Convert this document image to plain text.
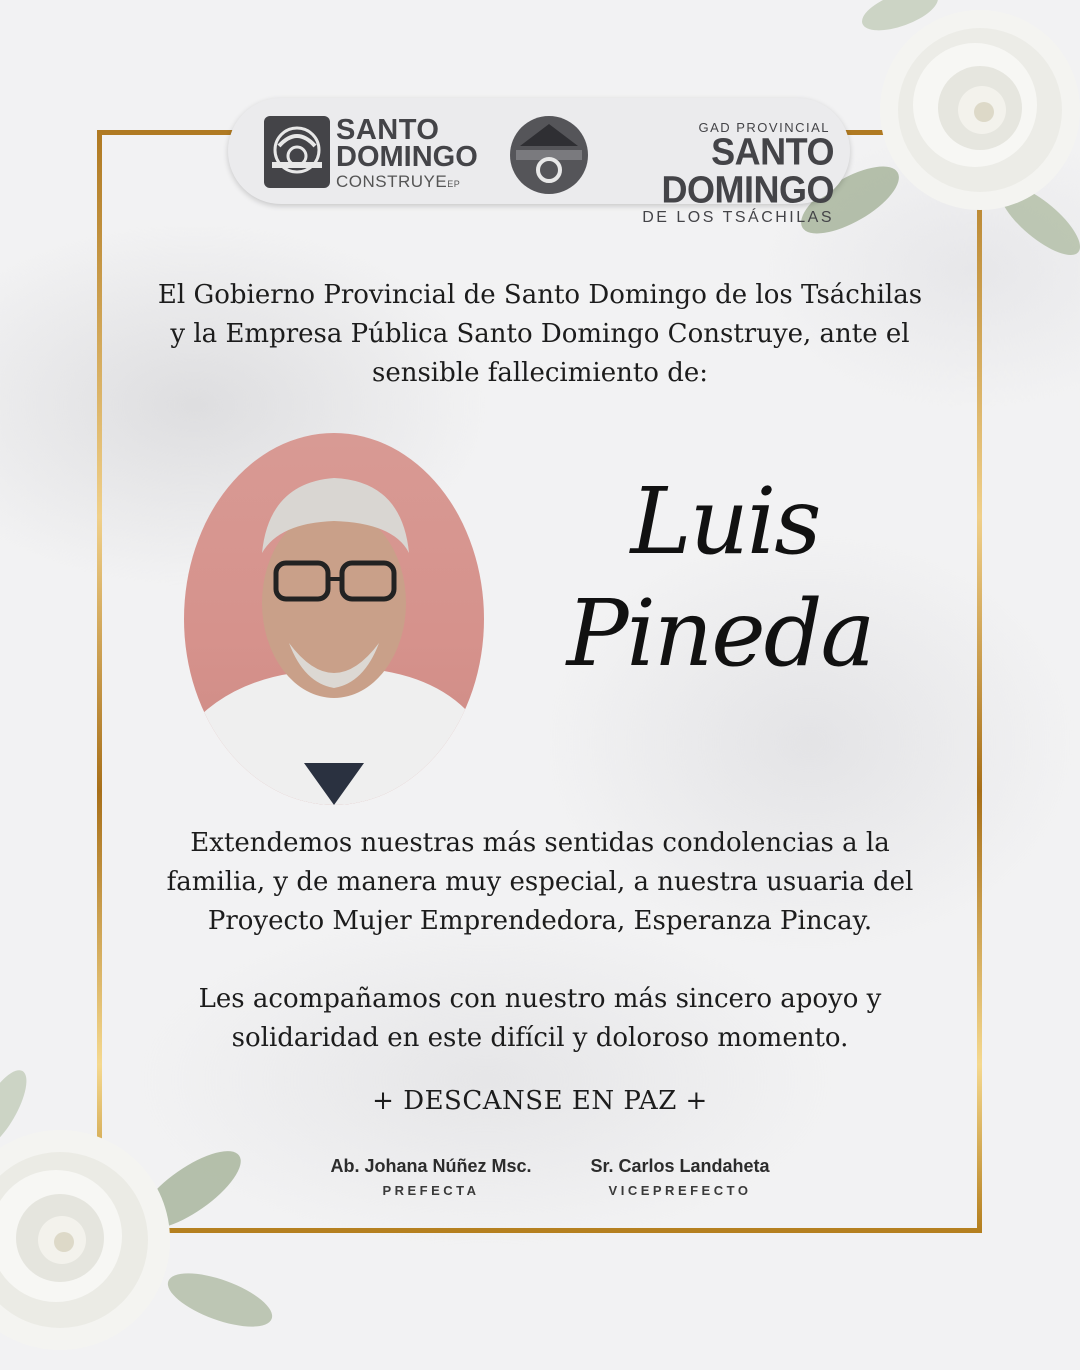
SANTO
DOMINGO
CONSTRUYEEP
GAD PROVINCIAL
SANTO DOMINGO
DE LOS TSÁCHILAS
El Gobierno Provincial de Santo Domingo de los Tsáchilas
y la Empresa Pública Santo Domingo Construye, ante el
sensible fallecimiento de:
Luis
Pineda
Extendemos nuestras más sentidas condolencias a la
familia, y de manera muy especial, a nuestra usuaria del
Proyecto Mujer Emprendedora, Esperanza Pincay.
Les acompañamos con nuestro más sincero apoyo y
solidaridad en este difícil y doloroso momento.
+ DESCANSE EN PAZ +
Ab. Johana Núñez Msc.
PREFECTA
Sr. Carlos Landaheta
VICEPREFECTO
